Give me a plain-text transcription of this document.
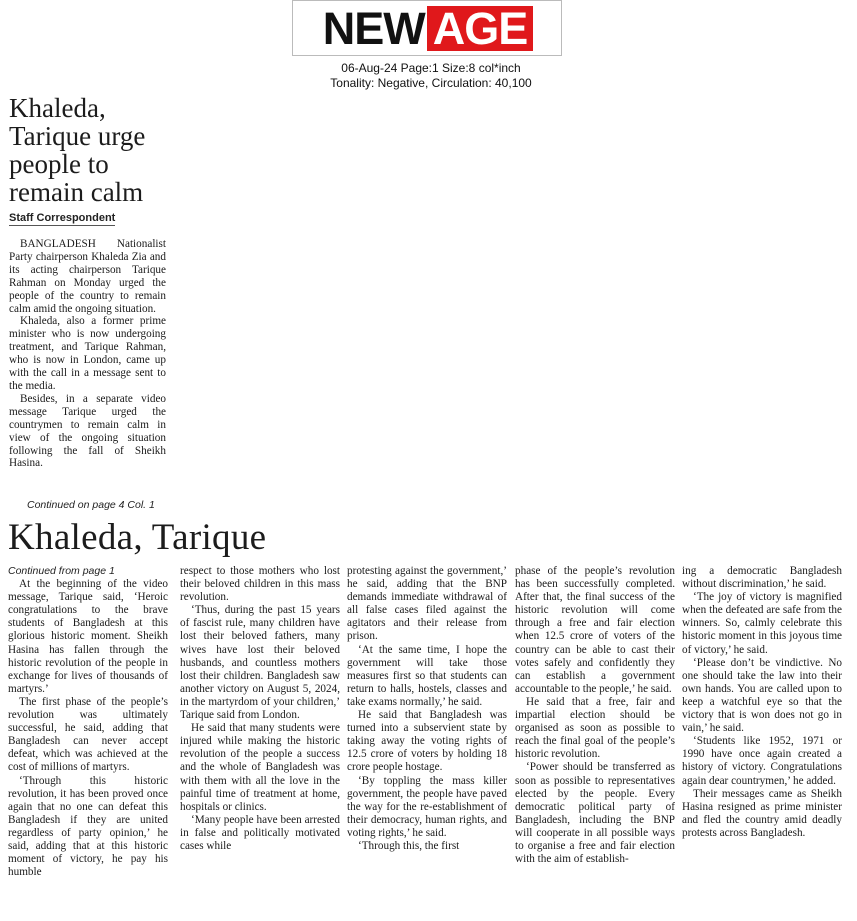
NEW AGE
06-Aug-24 Page:1 Size:8 col*inch
Tonality: Negative, Circulation: 40,100
Khaleda, Tarique urge people to remain calm
Staff Correspondent

BANGLADESH Nationalist Party chairperson Khaleda Zia and its acting chairperson Tarique Rahman on Monday urged the people of the country to remain calm amid the ongoing situation.

Khaleda, also a former prime minister who is now undergoing treatment, and Tarique Rahman, who is now in London, came up with the call in a message sent to the media.

Besides, in a separate video message Tarique urged the countrymen to remain calm in view of the ongoing situation following the fall of Sheikh Hasina.

Continued on page 4 Col. 1
Khaleda, Tarique
Continued from page 1

At the beginning of the video message, Tarique said, ‘Heroic congratulations to the brave students of Bangladesh at this glorious historic moment. Sheikh Hasina has fallen through the historic revolution of the people in exchange for lives of thousands of martyrs.’

The first phase of the people’s revolution was ultimately successful, he said, adding that Bangladesh can never accept defeat, which was achieved at the cost of millions of martyrs.

‘Through this historic revolution, it has been proved once again that no one can defeat this Bangladesh if they are united regardless of party opinion,’ he said, adding that at this historic moment of victory, he pay his humble

respect to those mothers who lost their beloved children in this mass revolution.

‘Thus, during the past 15 years of fascist rule, many children have lost their beloved fathers, many wives have lost their beloved husbands, and countless mothers lost their children. Bangladesh saw another victory on August 5, 2024, in the martyrdom of your children,’ Tarique said from London.

He said that many students were injured while making the historic revolution of the people a success and the whole of Bangladesh was with them with all the love in the painful time of treatment at home, hospitals or clinics.

‘Many people have been arrested in false and politically motivated cases while

protesting against the government,’ he said, adding that the BNP demands immediate withdrawal of all false cases filed against the agitators and their release from prison.

‘At the same time, I hope the government will take those measures first so that students can return to halls, hostels, classes and take exams normally,’ he said.

He said that Bangladesh was turned into a subservient state by taking away the voting rights of 12.5 crore of voters by holding 18 crore people hostage.

‘By toppling the mass killer government, the people have paved the way for the re-establishment of their democracy, human rights, and voting rights,’ he said.

‘Through this, the first

phase of the people’s revolution has been successfully completed. After that, the final success of the historic revolution will come through a free and fair election when 12.5 crore of voters of the country can be able to cast their votes safely and confidently they can establish a government accountable to the people,’ he said.

He said that a free, fair and impartial election should be organised as soon as possible to reach the final goal of the people’s historic revolution.

‘Power should be transferred as soon as possible to representatives elected by the people. Every democratic political party of Bangladesh, including the BNP will cooperate in all possible ways to organise a free and fair election with the aim of establish-

ing a democratic Bangladesh without discrimination,’ he said.

‘The joy of victory is magnified when the defeated are safe from the winners. So, calmly celebrate this historic moment in this joyous time of victory,’ he said.

‘Please don’t be vindictive. No one should take the law into their own hands. You are called upon to keep a watchful eye so that the victory that is won does not go in vain,’ he said.

‘Students like 1952, 1971 or 1990 have once again created a history of victory. Congratulations again dear countrymen,’ he added.

Their messages came as Sheikh Hasina resigned as prime minister and fled the country amid deadly protests across Bangladesh.
